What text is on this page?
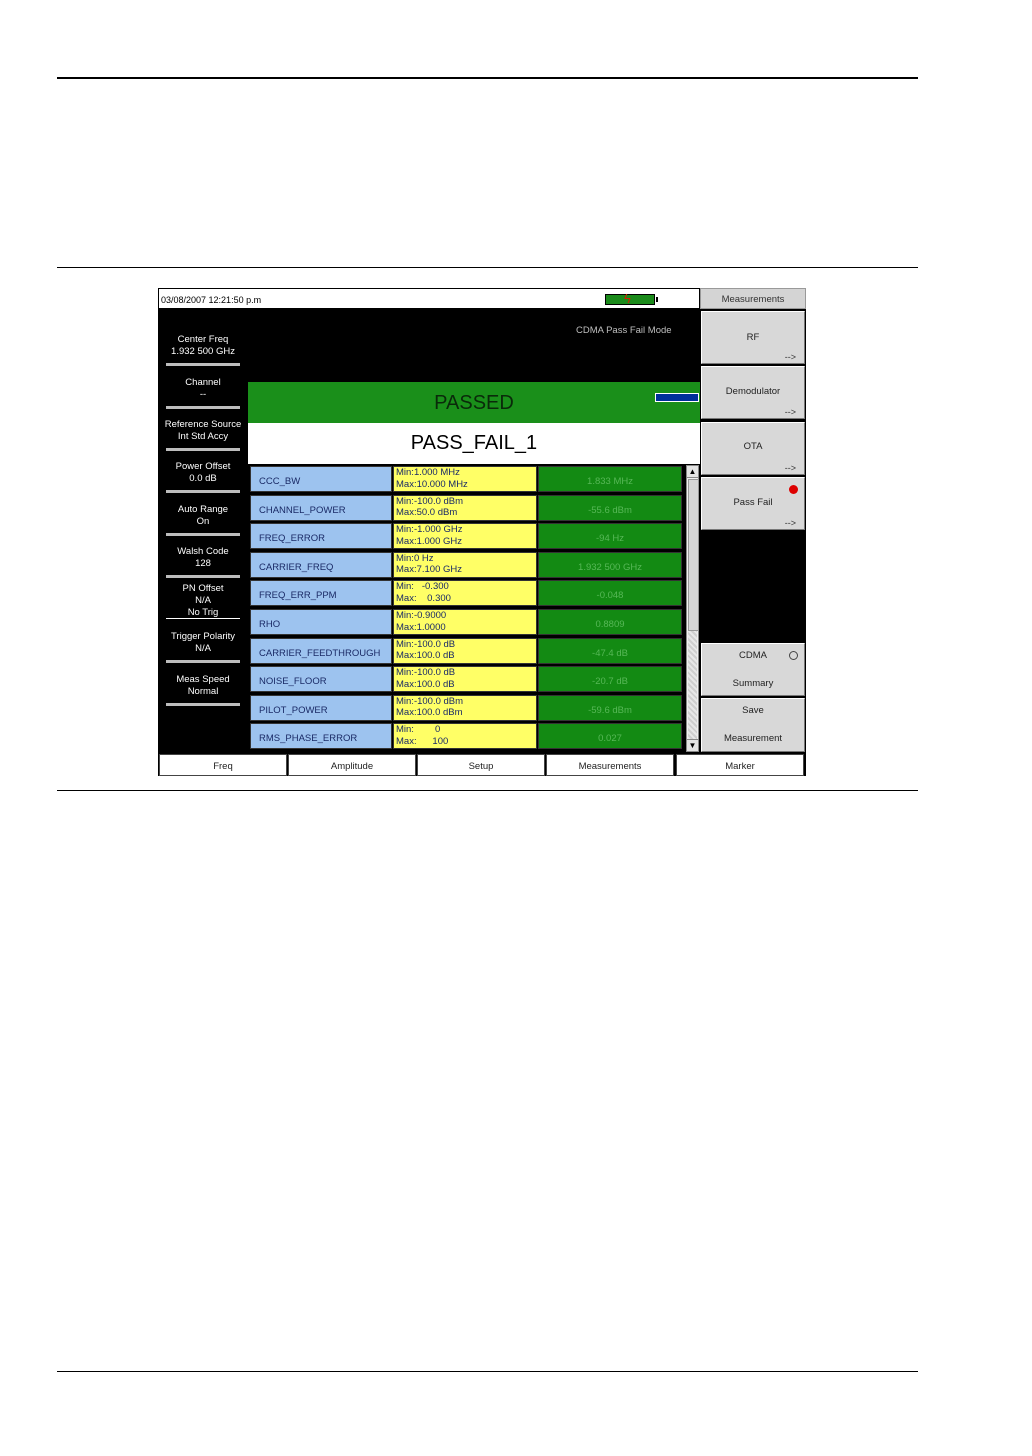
03/08/2007 12:21:50 p.m	ϟ
Center Freq
1.932 500 GHz
Channel
--
Reference Source
Int Std Accy
Power Offset
0.0 dB
Auto Range
On
Walsh Code
128
PN Offset
N/A
No Trig
Trigger Polarity
N/A
Meas Speed
Normal
CDMA Pass Fail Mode
PASSED
PASS_FAIL_1
CCC_BW
Min:1.000 MHz
Max:10.000 MHz	1.833 MHz
CHANNEL_POWER
Min:-100.0 dBm
Max:50.0 dBm	-55.6 dBm
FREQ_ERROR
Min:-1.000 GHz
Max:1.000 GHz	-94 Hz
CARRIER_FREQ
Min:0 Hz
Max:7.100 GHz	1.932 500 GHz
FREQ_ERR_PPM
Min:   -0.300
Max:    0.300	-0.048
RHO
Min:-0.9000
Max:1.0000	0.8809
CARRIER_FEEDTHROUGH
Min:-100.0 dB
Max:100.0 dB	-47.4 dB
NOISE_FLOOR
Min:-100.0 dB
Max:100.0 dB	-20.7 dB
PILOT_POWER
Min:-100.0 dBm
Max:100.0 dBm	-59.6 dBm
RMS_PHASE_ERROR
Min:        0
Max:      100	0.027
▲
▼
Measurements
RF
-->
Demodulator
-->
OTA
-->
Pass Fail
-->
CDMA
Summary
Save
Measurement
Freq	Amplitude	Setup	Measurements	Marker
